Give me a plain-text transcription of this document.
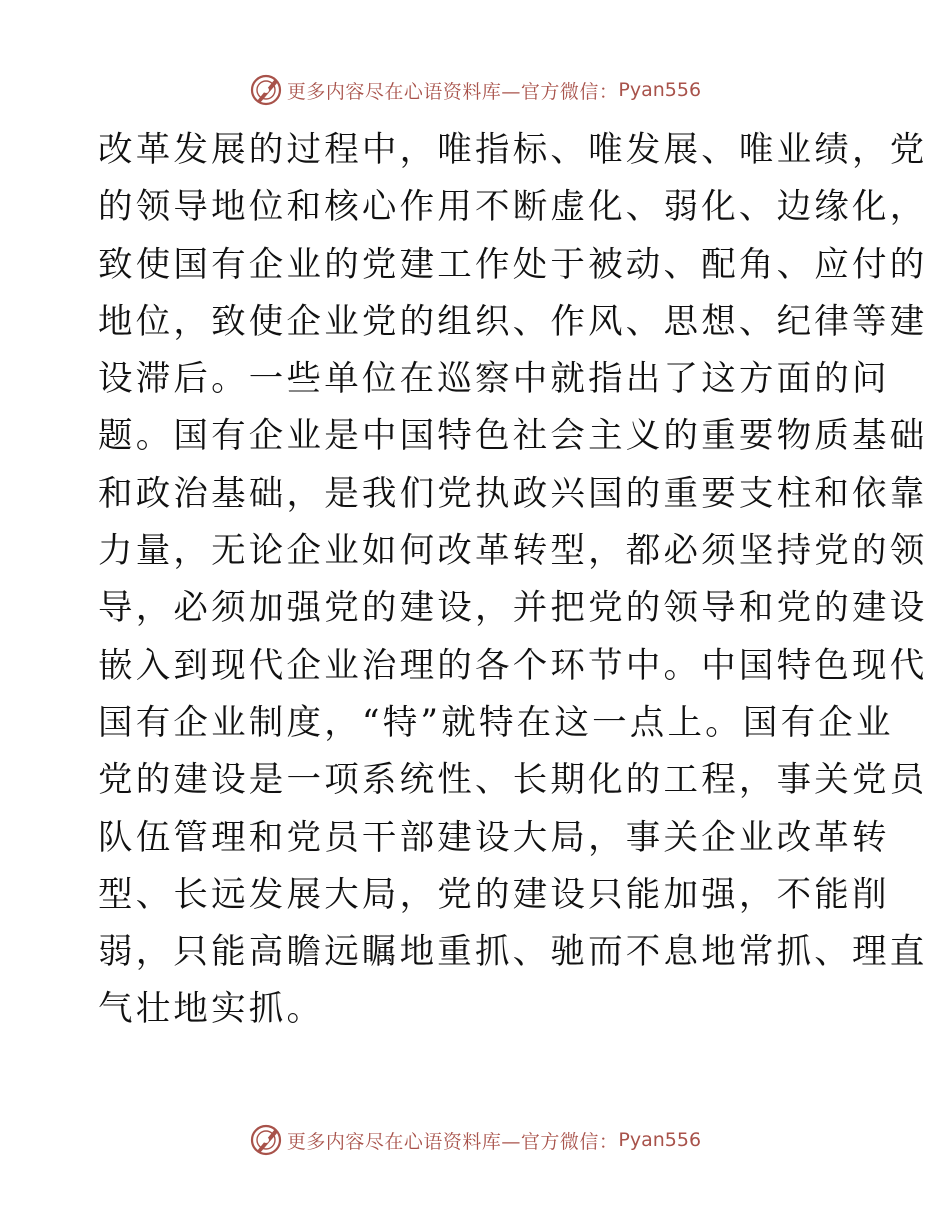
更多内容尽在心语资料库—官方微信： Pyan556
改革发展的过程中，唯指标、唯发展、唯业绩，党
的领导地位和核心作用不断虚化、弱化、边缘化，
致使国有企业的党建工作处于被动、配角、应付的
地位，致使企业党的组织、作风、思想、纪律等建
设滞后。一些单位在巡察中就指出了这方面的问
题。国有企业是中国特色社会主义的重要物质基础
和政治基础，是我们党执政兴国的重要支柱和依靠
力量，无论企业如何改革转型，都必须坚持党的领
导，必须加强党的建设，并把党的领导和党的建设
嵌入到现代企业治理的各个环节中。中国特色现代
国有企业制度，“特”就特在这一点上。国有企业
党的建设是一项系统性、长期化的工程，事关党员
队伍管理和党员干部建设大局，事关企业改革转
型、长远发展大局，党的建设只能加强，不能削
弱，只能高瞻远瞩地重抓、驰而不息地常抓、理直
气壮地实抓。
更多内容尽在心语资料库—官方微信： Pyan556
